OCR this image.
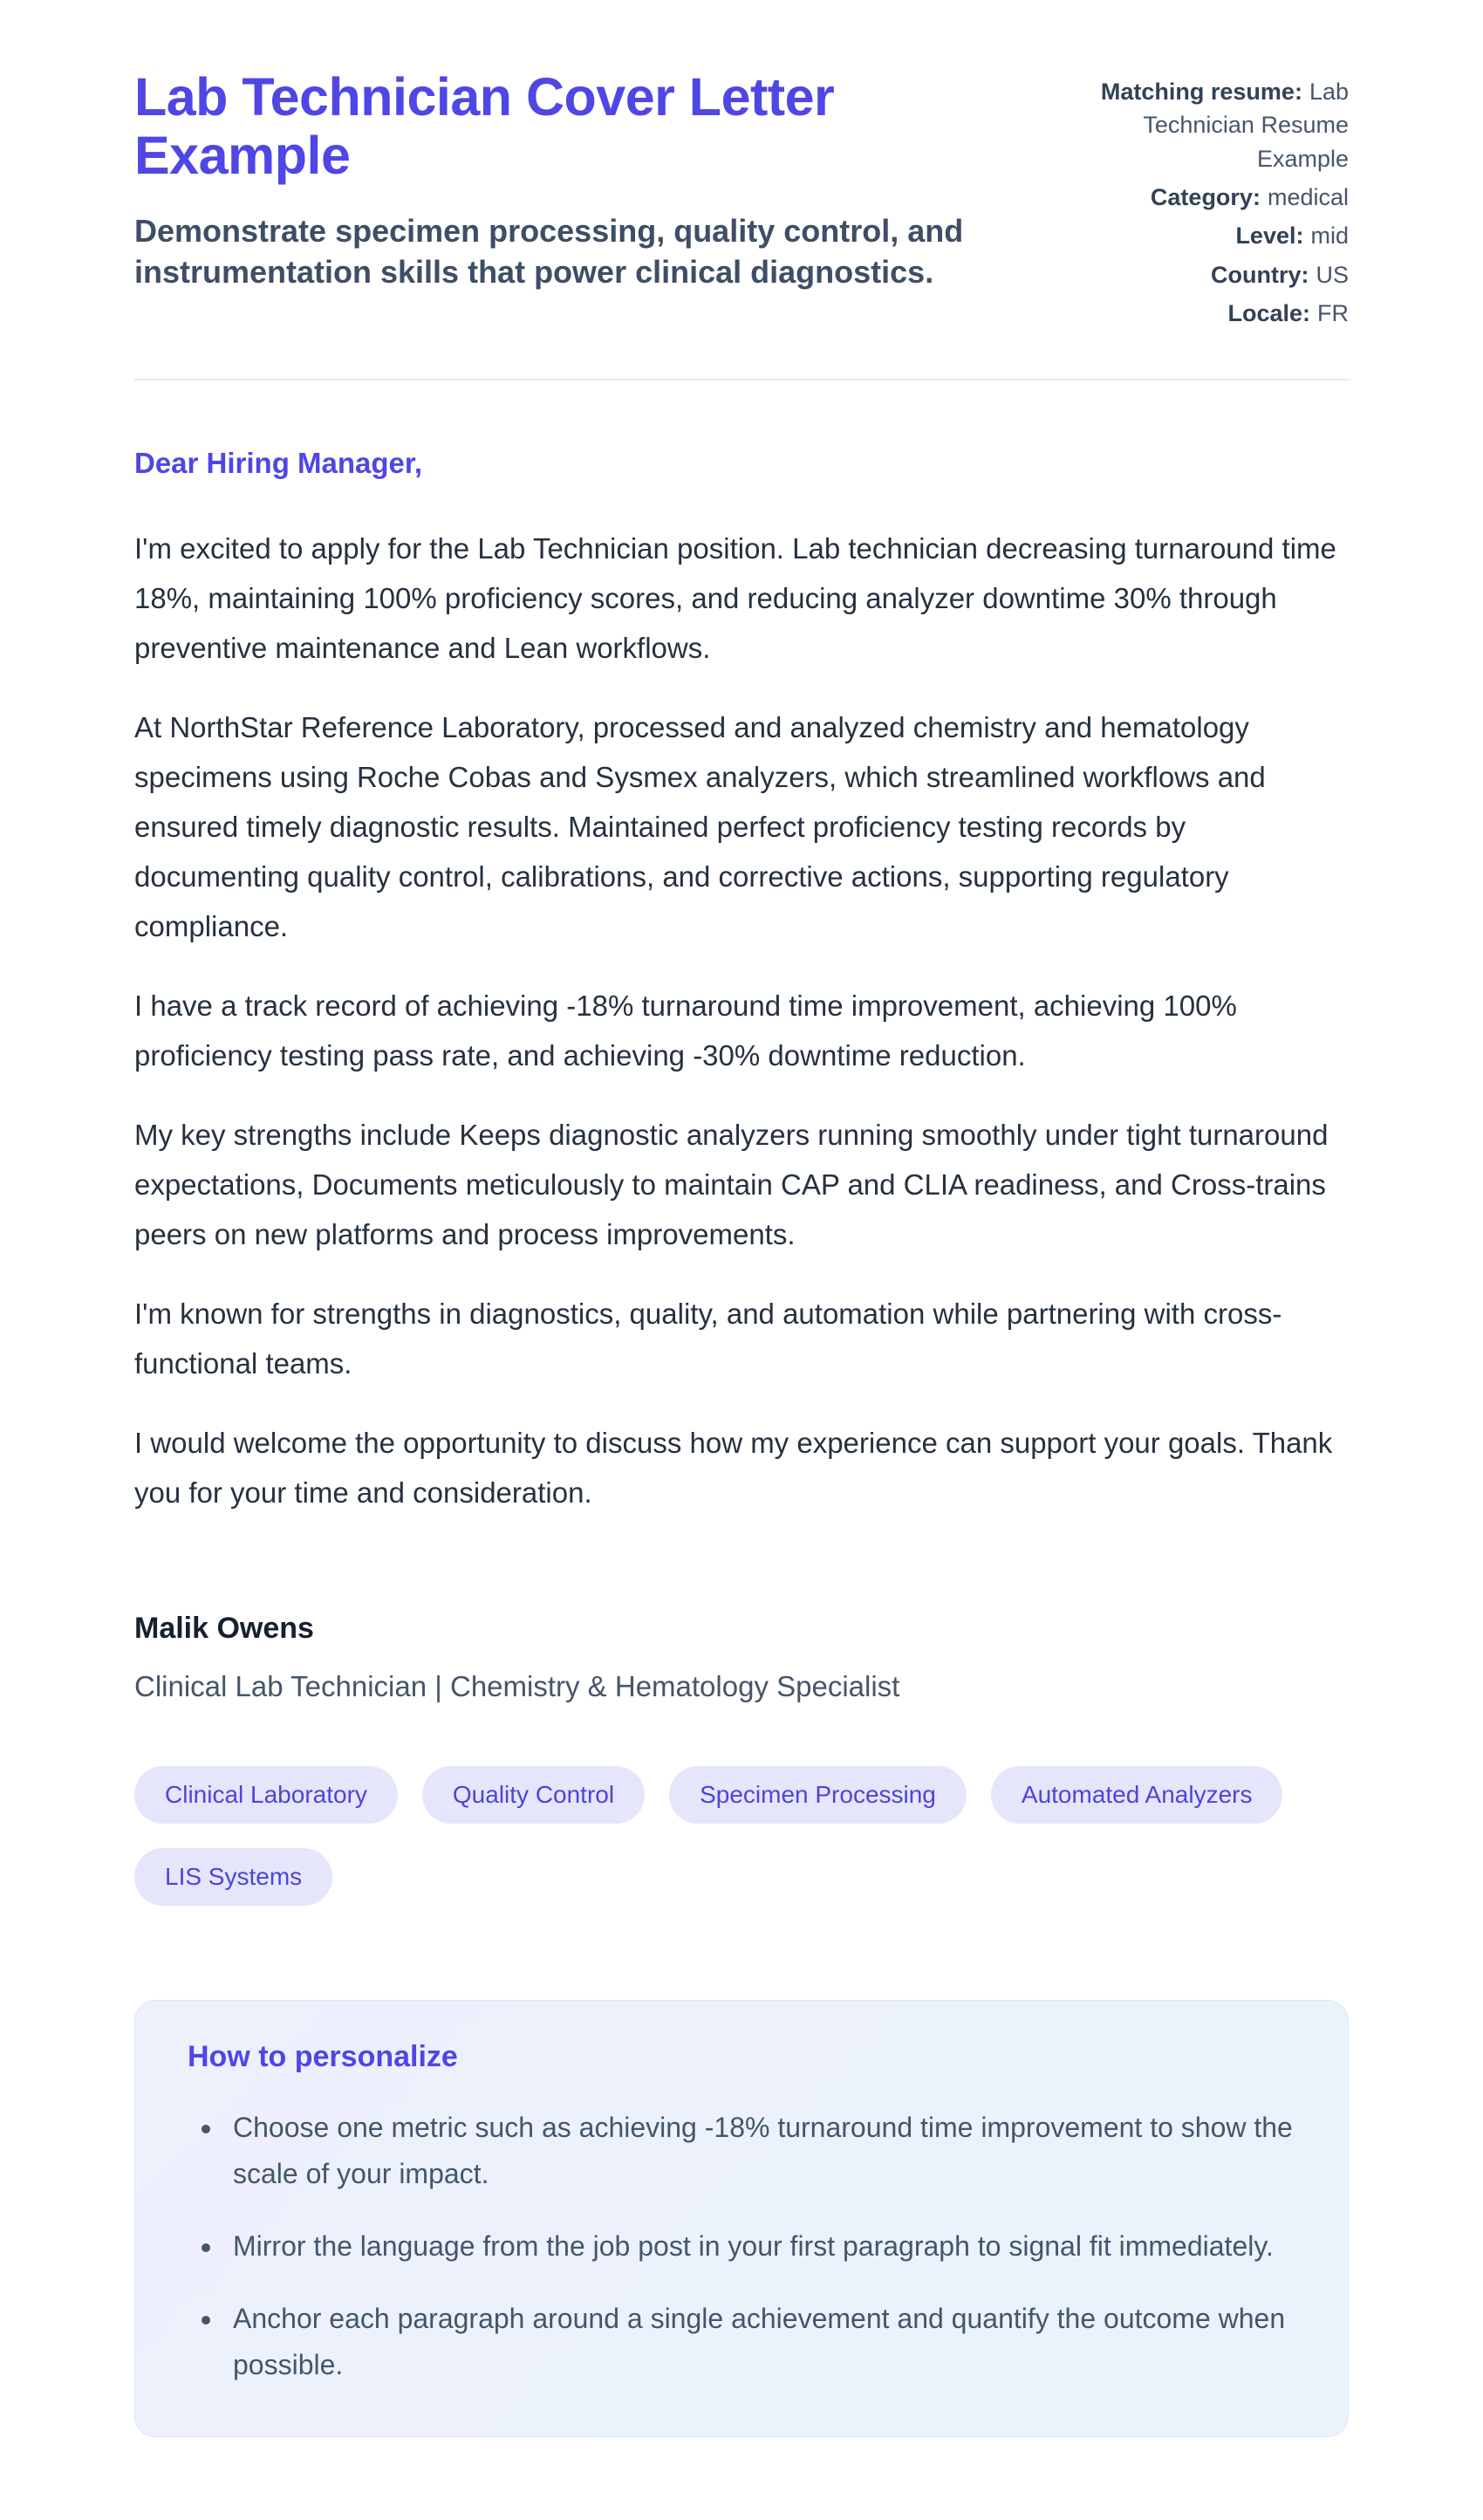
Lab Technician Cover Letter Example

Demonstrate specimen processing, quality control, and instrumentation skills that power clinical diagnostics.

Matching resume: Lab Technician Resume Example
Category: medical
Level: mid
Country: US
Locale: FR

Dear Hiring Manager,

I'm excited to apply for the Lab Technician position. Lab technician decreasing turnaround time 18%, maintaining 100% proficiency scores, and reducing analyzer downtime 30% through preventive maintenance and Lean workflows.

At NorthStar Reference Laboratory, processed and analyzed chemistry and hematology specimens using Roche Cobas and Sysmex analyzers, which streamlined workflows and ensured timely diagnostic results. Maintained perfect proficiency testing records by documenting quality control, calibrations, and corrective actions, supporting regulatory compliance.

I have a track record of achieving -18% turnaround time improvement, achieving 100% proficiency testing pass rate, and achieving -30% downtime reduction.

My key strengths include Keeps diagnostic analyzers running smoothly under tight turnaround expectations, Documents meticulously to maintain CAP and CLIA readiness, and Cross-trains peers on new platforms and process improvements.

I'm known for strengths in diagnostics, quality, and automation while partnering with cross-functional teams.

I would welcome the opportunity to discuss how my experience can support your goals. Thank you for your time and consideration.

Malik Owens

Clinical Lab Technician | Chemistry & Hematology Specialist

Clinical Laboratory	Quality Control	Specimen Processing	Automated Analyzers
LIS Systems

How to personalize

• Choose one metric such as achieving -18% turnaround time improvement to show the scale of your impact.
• Mirror the language from the job post in your first paragraph to signal fit immediately.
• Anchor each paragraph around a single achievement and quantify the outcome when possible.
